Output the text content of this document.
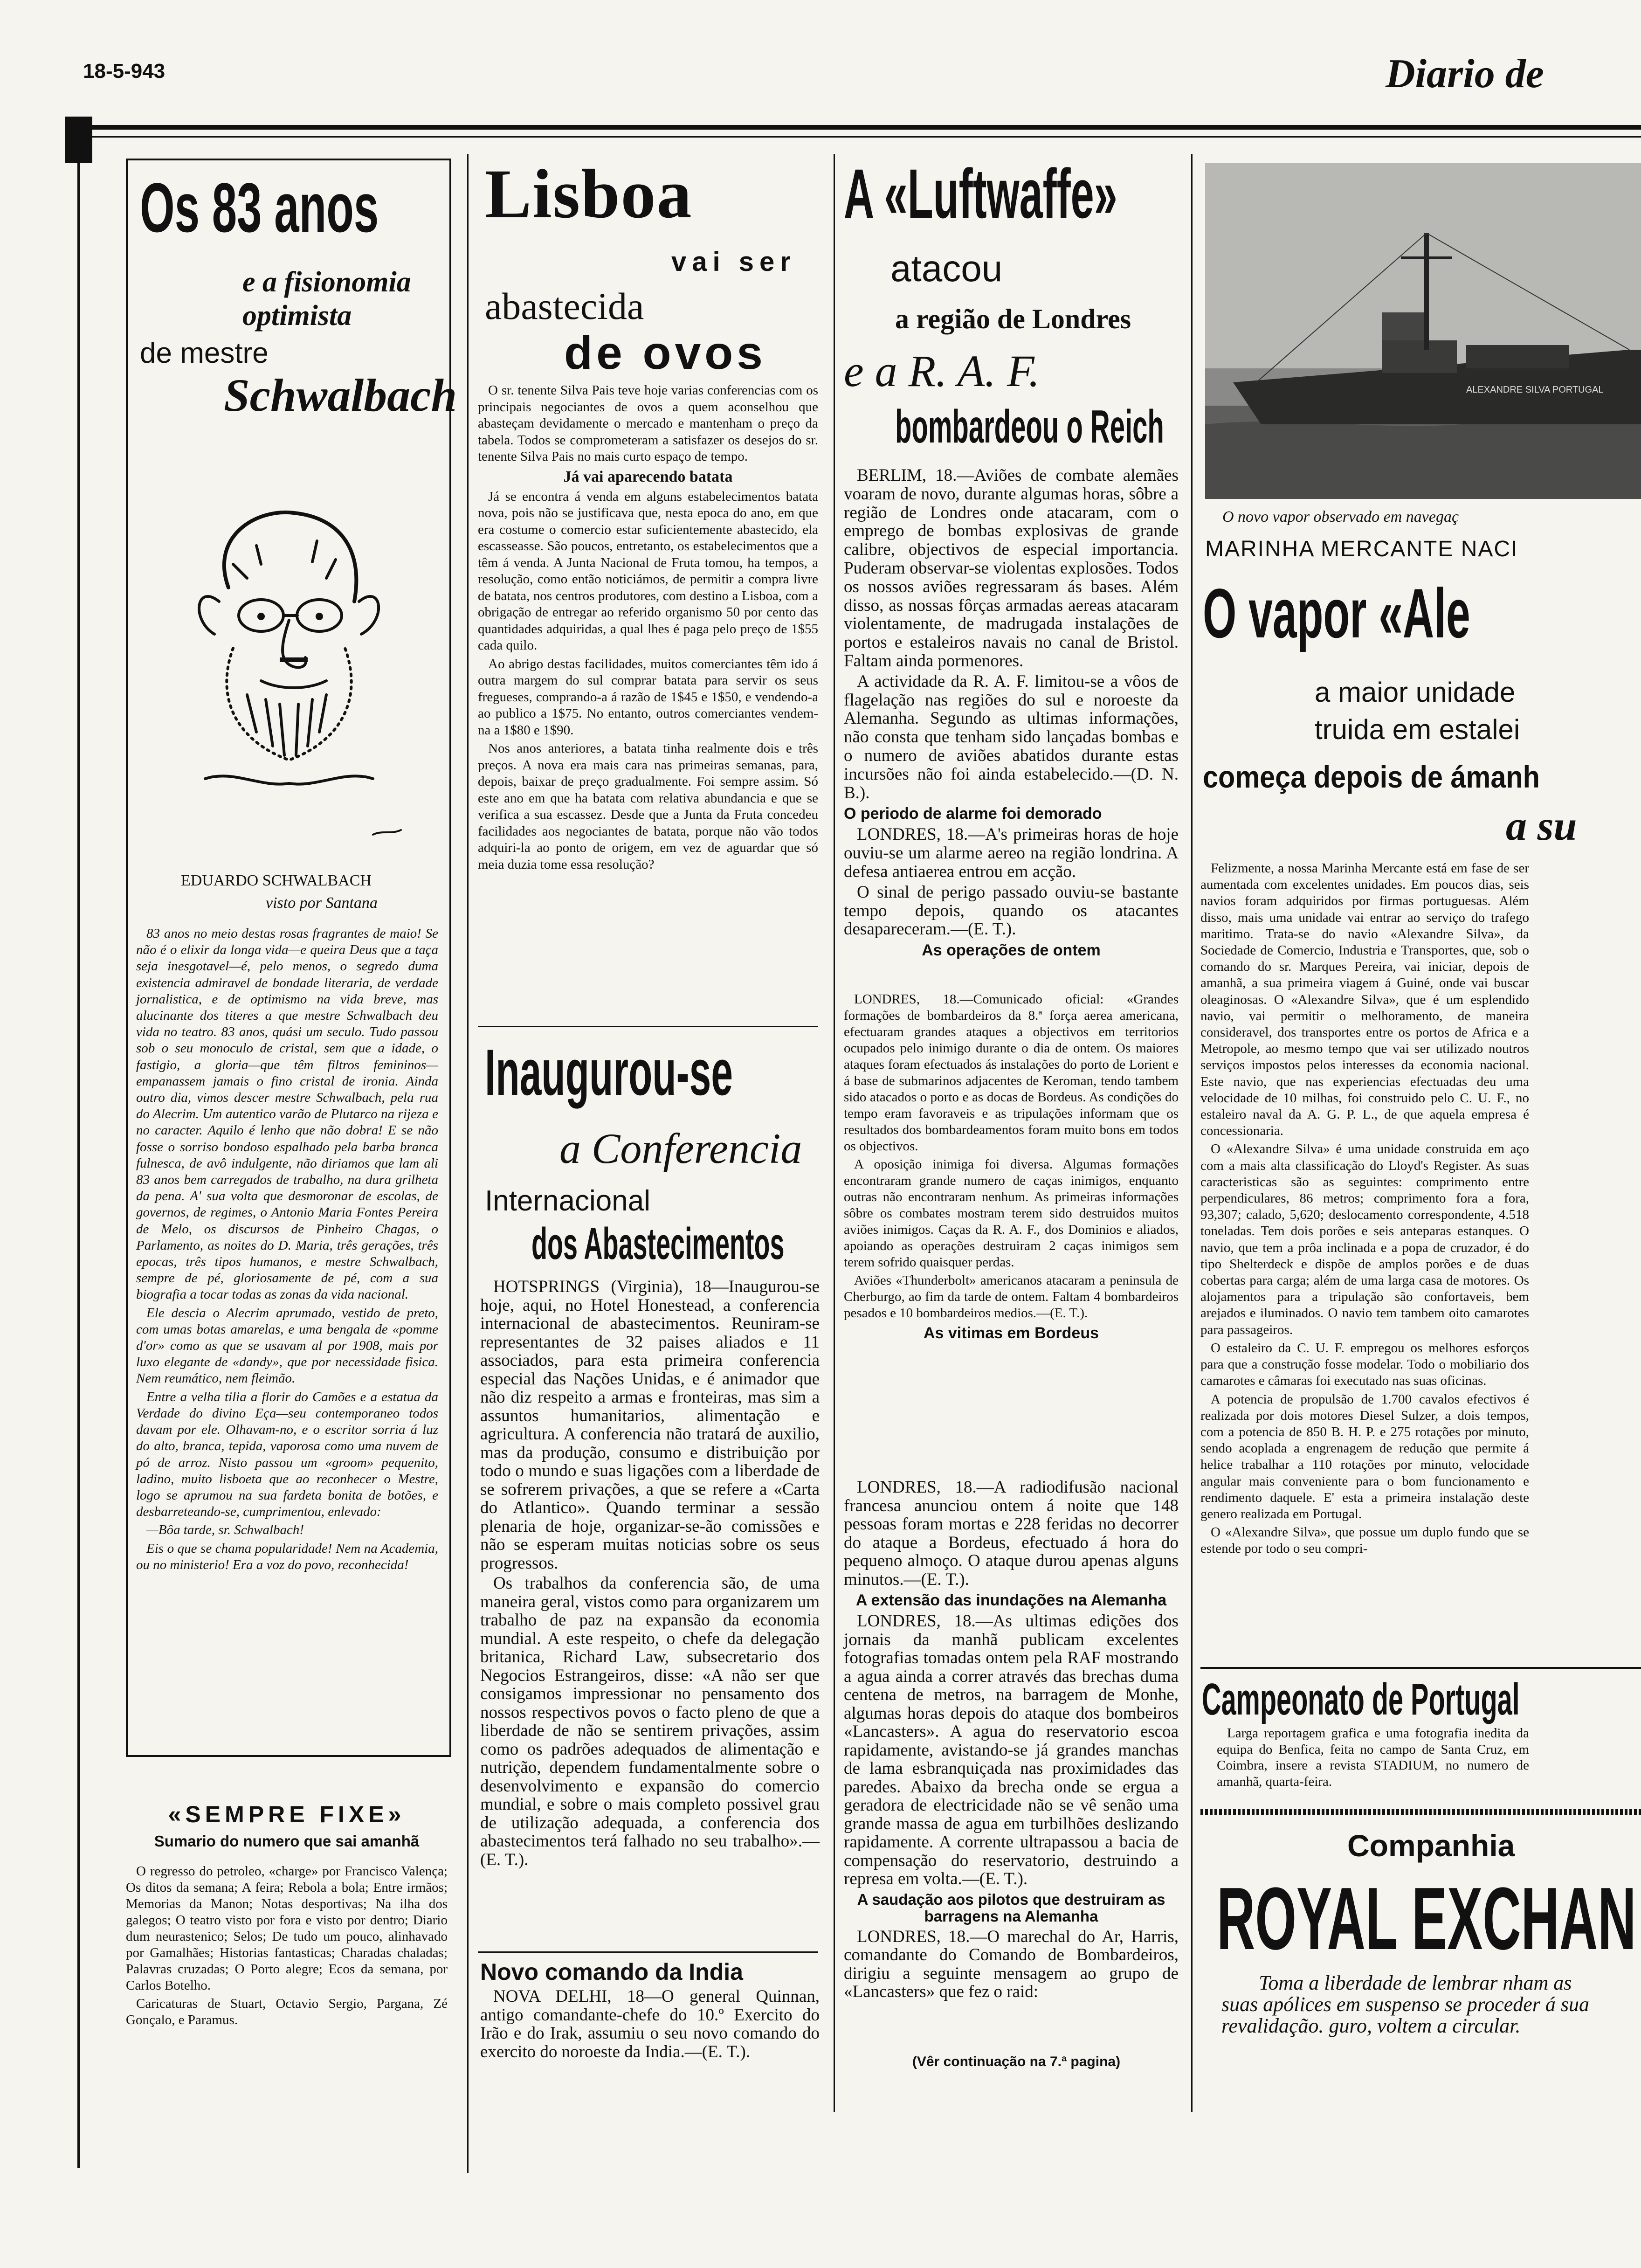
18-5-943	Diario de
Os 83 anos
e a fisionomia
optimista
de mestre
Schwalbach
EDUARDO SCHWALBACH
visto por Santana

83 anos no meio destas rosas fragrantes de maio! Se não é o elixir da longa vida—e queira Deus que a taça seja inesgotavel—é, pelo menos, o segredo duma existencia admiravel de bondade literaria, de verdade jornalistica, e de optimismo na vida breve, mas alucinante dos titeres a que mestre Schwalbach deu vida no teatro. 83 anos, quási um seculo. Tudo passou sob o seu monoculo de cristal, sem que a idade, o fastigio, a gloria—que têm filtros femininos—empanassem jamais o fino cristal de ironia. Ainda outro dia, vimos descer mestre Schwalbach, pela rua do Alecrim. Um autentico varão de Plutarco na rijeza e no caracter. Aquilo é lenho que não dobra! E se não fosse o sorriso bondoso espalhado pela barba branca fulnesca, de avô indulgente, não diriamos que lam ali 83 anos bem carregados de trabalho, na dura grilheta da pena. A' sua volta que desmoronar de escolas, de governos, de regimes, o Antonio Maria Fontes Pereira de Melo, os discursos de Pinheiro Chagas, o Parlamento, as noites do D. Maria, três gerações, três epocas, três tipos humanos, e mestre Schwalbach, sempre de pé, gloriosamente de pé, com a sua biografia a tocar todas as zonas da vida nacional.

Ele descia o Alecrim aprumado, vestido de preto, com umas botas amarelas, e uma bengala de «pomme d'or» como as que se usavam al por 1908, mais por luxo elegante de «dandy», que por necessidade fisica. Nem reumático, nem fleimão.

Entre a velha tilia a florir do Camões e a estatua da Verdade do divino Eça—seu contemporaneo todos davam por ele. Olhavam-no, e o escritor sorria á luz do alto, branca, tepida, vaporosa como uma nuvem de pó de arroz. Nisto passou um «groom» pequenito, ladino, muito lisboeta que ao reconhecer o Mestre, logo se aprumou na sua fardeta bonita de botões, e desbarreteando-se, cumprimentou, enlevado:

—Bôa tarde, sr. Schwalbach!

Eis o que se chama popularidade! Nem na Academia, ou no ministerio! Era a voz do povo, reconhecida!

«SEMPRE FIXE»
Sumario do numero que sai amanhã

O regresso do petroleo, «charge» por Francisco Valença; Os ditos da semana; A feira; Rebola a bola; Entre irmãos; Memorias da Manon; Notas desportivas; Na ilha dos galegos; O teatro visto por fora e visto por dentro; Diario dum neurastenico; Selos; De tudo um pouco, alinhavado por Gamalhães; Historias fantasticas; Charadas chaladas; Palavras cruzadas; O Porto alegre; Ecos da semana, por Carlos Botelho.

Caricaturas de Stuart, Octavio Sergio, Pargana, Zé Gonçalo, e Paramus.

Lisboa
vai ser
abastecida
de ovos

O sr. tenente Silva Pais teve hoje varias conferencias com os principais negociantes de ovos a quem aconselhou que abasteçam devidamente o mercado e mantenham o preço da tabela. Todos se comprometeram a satisfazer os desejos do sr. tenente Silva Pais no mais curto espaço de tempo.

Já vai aparecendo batata

Já se encontra á venda em alguns estabelecimentos batata nova, pois não se justificava que, nesta epoca do ano, em que era costume o comercio estar suficientemente abastecido, ela escasseasse. São poucos, entretanto, os estabelecimentos que a têm á venda. A Junta Nacional de Fruta tomou, ha tempos, a resolução, como então noticiámos, de permitir a compra livre de batata, nos centros produtores, com destino a Lisboa, com a obrigação de entregar ao referido organismo 50 por cento das quantidades adquiridas, a qual lhes é paga pelo preço de 1$55 cada quilo.

Ao abrigo destas facilidades, muitos comerciantes têm ido á outra margem do sul comprar batata para servir os seus fregueses, comprando-a á razão de 1$45 e 1$50, e vendendo-a ao publico a 1$75. No entanto, outros comerciantes vendem-na a 1$80 e 1$90.

Nos anos anteriores, a batata tinha realmente dois e três preços. A nova era mais cara nas primeiras semanas, para, depois, baixar de preço gradualmente. Foi sempre assim. Só este ano em que ha batata com relativa abundancia e que se verifica a sua escassez. Desde que a Junta da Fruta concedeu facilidades aos negociantes de batata, porque não vão todos adquiri-la ao ponto de origem, em vez de aguardar que só meia duzia tome essa resolução?

Inaugurou-se
a Conferencia
Internacional
dos Abastecimentos

HOTSPRINGS (Virginia), 18—Inaugurou-se hoje, aqui, no Hotel Honestead, a conferencia internacional de abastecimentos. Reuniram-se representantes de 32 paises aliados e 11 associados, para esta primeira conferencia especial das Nações Unidas, e é animador que não diz respeito a armas e fronteiras, mas sim a assuntos humanitarios, alimentação e agricultura. A conferencia não tratará de auxilio, mas da produção, consumo e distribuição por todo o mundo e suas ligações com a liberdade de se sofrerem privações, a que se refere a «Carta do Atlantico». Quando terminar a sessão plenaria de hoje, organizar-se-ão comissões e não se esperam muitas noticias sobre os seus progressos.

Os trabalhos da conferencia são, de uma maneira geral, vistos como para organizarem um trabalho de paz na expansão da economia mundial. A este respeito, o chefe da delegação britanica, Richard Law, subsecretario dos Negocios Estrangeiros, disse: «A não ser que consigamos impressionar no pensamento dos nossos respectivos povos o facto pleno de que a liberdade de não se sentirem privações, assim como os padrões adequados de alimentação e nutrição, dependem fundamentalmente sobre o desenvolvimento e expansão do comercio mundial, e sobre o mais completo possivel grau de utilização adequada, a conferencia dos abastecimentos terá falhado no seu trabalho».—(E. T.).

Novo comando da India

NOVA DELHI, 18—O general Quinnan, antigo comandante-chefe do 10.º Exercito do Irão e do Irak, assumiu o seu novo comando do exercito do noroeste da India.—(E. T.).

A «Luftwaffe»
atacou
a região de Londres
e a R. A. F.
bombardeou o Reich

BERLIM, 18.—Aviões de combate alemães voaram de novo, durante algumas horas, sôbre a região de Londres onde atacaram, com o emprego de bombas explosivas de grande calibre, objectivos de especial importancia. Puderam observar-se violentas explosões. Todos os nossos aviões regressaram ás bases. Além disso, as nossas fôrças armadas aereas atacaram violentamente, de madrugada instalações de portos e estaleiros navais no canal de Bristol. Faltam ainda pormenores.

A actividade da R. A. F. limitou-se a vôos de flagelação nas regiões do sul e noroeste da Alemanha. Segundo as ultimas informações, não consta que tenham sido lançadas bombas e o numero de aviões abatidos durante estas incursões não foi ainda estabelecido.—(D. N. B.).

O periodo de alarme foi demorado

LONDRES, 18.—A's primeiras horas de hoje ouviu-se um alarme aereo na região londrina. A defesa antiaerea entrou em acção.

O sinal de perigo passado ouviu-se bastante tempo depois, quando os atacantes desapareceram.—(E. T.).

As operações de ontem

LONDRES, 18.—Comunicado oficial: «Grandes formações de bombardeiros da 8.ª força aerea americana, efectuaram grandes ataques a objectivos em territorios ocupados pelo inimigo durante o dia de ontem. Os maiores ataques foram efectuados ás instalações do porto de Lorient e á base de submarinos adjacentes de Keroman, tendo tambem sido atacados o porto e as docas de Bordeus. As condições do tempo eram favoraveis e as tripulações informam que os resultados dos bombardeamentos foram muito bons em todos os objectivos.

A oposição inimiga foi diversa. Algumas formações encontraram grande numero de caças inimigos, enquanto outras não encontraram nenhum. As primeiras informações sôbre os combates mostram terem sido destruidos muitos aviões inimigos. Caças da R. A. F., dos Dominios e aliados, apoiando as operações destruiram 2 caças inimigos sem terem sofrido quaisquer perdas.

Aviões «Thunderbolt» americanos atacaram a peninsula de Cherburgo, ao fim da tarde de ontem. Faltam 4 bombardeiros pesados e 10 bombardeiros medios.—(E. T.).

As vitimas em Bordeus

LONDRES, 18.—A radiodifusão nacional francesa anunciou ontem á noite que 148 pessoas foram mortas e 228 feridas no decorrer do ataque a Bordeus, efectuado á hora do pequeno almoço. O ataque durou apenas alguns minutos.—(E. T.).

A extensão das inundações na Alemanha

LONDRES, 18.—As ultimas edições dos jornais da manhã publicam excelentes fotografias tomadas ontem pela RAF mostrando a agua ainda a correr através das brechas duma centena de metros, na barragem de Monhe, algumas horas depois do ataque dos bombeiros «Lancasters». A agua do reservatorio escoa rapidamente, avistando-se já grandes manchas de lama esbranquiçada nas proximidades das paredes. Abaixo da brecha onde se ergua a geradora de electricidade não se vê senão uma grande massa de agua em turbilhões deslizando rapidamente. A corrente ultrapassou a bacia de compensação do reservatorio, destruindo a represa em volta.—(E. T.).

A saudação aos pilotos que destruiram as barragens na Alemanha

LONDRES, 18.—O marechal do Ar, Harris, comandante do Comando de Bombardeiros, dirigiu a seguinte mensagem ao grupo de «Lancasters» que fez o raid:

(Vêr continuação na 7.ª pagina)
ALEXANDRE SILVA PORTUGAL
O novo vapor observado em navegaç
MARINHA MERCANTE NACI
O vapor «Ale
a maior unidade
truida em estalei
começa depois de ámanh
a su

Felizmente, a nossa Marinha Mercante está em fase de ser aumentada com excelentes unidades. Em poucos dias, seis navios foram adquiridos por firmas portuguesas. Além disso, mais uma unidade vai entrar ao serviço do trafego maritimo. Trata-se do navio «Alexandre Silva», da Sociedade de Comercio, Industria e Transportes, que, sob o comando do sr. Marques Pereira, vai iniciar, depois de amanhã, a sua primeira viagem á Guiné, onde vai buscar oleaginosas. O «Alexandre Silva», que é um esplendido navio, vai permitir o melhoramento, de maneira consideravel, dos transportes entre os portos de Africa e a Metropole, ao mesmo tempo que vai ser utilizado noutros serviços impostos pelos interesses da economia nacional. Este navio, que nas experiencias efectuadas deu uma velocidade de 10 milhas, foi construido pelo C. U. F., no estaleiro naval da A. G. P. L., de que aquela empresa é concessionaria.

O «Alexandre Silva» é uma unidade construida em aço com a mais alta classificação do Lloyd's Register. As suas caracteristicas são as seguintes: comprimento entre perpendiculares, 86 metros; comprimento fora a fora, 93,307; calado, 5,620; deslocamento correspondente, 4.518 toneladas. Tem dois porões e seis anteparas estanques. O navio, que tem a prôa inclinada e a popa de cruzador, é do tipo Shelterdeck e dispõe de amplos porões e de duas cobertas para carga; além de uma larga casa de motores. Os alojamentos para a tripulação são confortaveis, bem arejados e iluminados. O navio tem tambem oito camarotes para passageiros.

O estaleiro da C. U. F. empregou os melhores esforços para que a construção fosse modelar. Todo o mobiliario dos camarotes e câmaras foi executado nas suas oficinas.

A potencia de propulsão de 1.700 cavalos efectivos é realizada por dois motores Diesel Sulzer, a dois tempos, com a potencia de 850 B. H. P. e 275 rotações por minuto, sendo acoplada a engrenagem de redução que permite á helice trabalhar a 110 rotações por minuto, velocidade angular mais conveniente para o bom funcionamento e rendimento daquele. E' esta a primeira instalação deste genero realizada em Portugal.

O «Alexandre Silva», que possue um duplo fundo que se estende por todo o seu compri-

Campeonato de Portugal

Larga reportagem grafica e uma fotografia inedita da equipa do Benfica, feita no campo de Santa Cruz, em Coimbra, insere a revista STADIUM, no numero de amanhã, quarta-feira.

Companhia
ROYAL EXCHAN
Toma a liberdade de lembrar nham as suas apólices em suspenso se proceder á sua revalidação. guro, voltem a circular.
